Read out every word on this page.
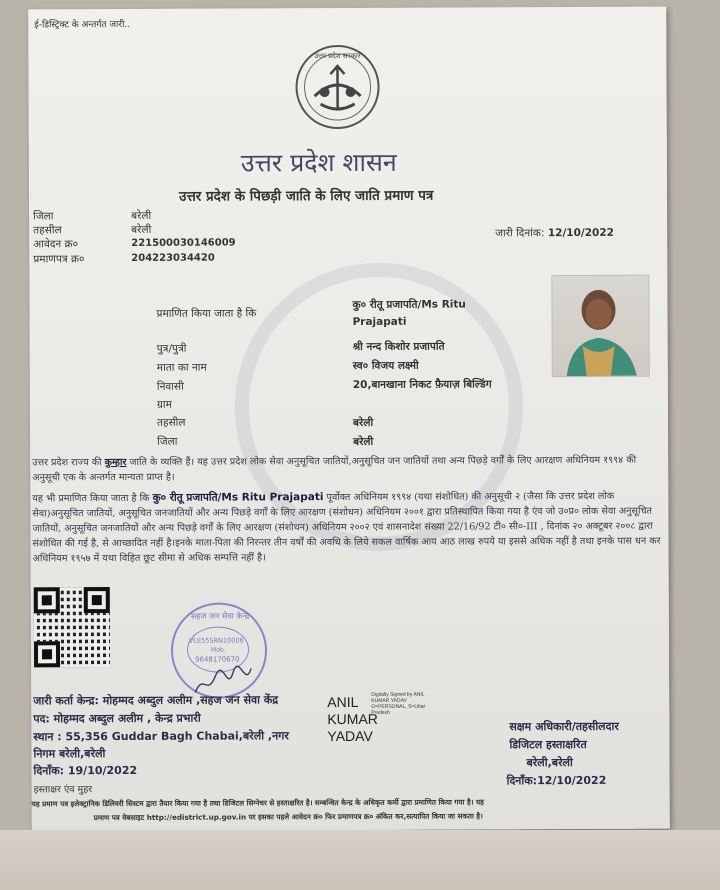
ई-डिस्ट्रिक्ट के अन्तर्गत जारी..
उत्तर प्रदेश सरकार
उत्तर प्रदेश शासन
उत्तर प्रदेश के पिछड़ी जाति के लिए जाति प्रमाण पत्र
जिला	बरेली
तहसील	बरेली
आवेदन क्र०	221500030146009
प्रमाणपत्र क्र०	204223034420
जारी दिनांक: 12/10/2022
प्रमाणित किया जाता है कि
कु० रीतू प्रजापति/Ms Ritu
Prajapati
पुत्र/पुत्री	श्री नन्द किशोर प्रजापति
माता का नाम	स्व० विजय लक्ष्मी
निवासी	20,बानखाना निकट फ़ैयाज़ बिल्डिंग
ग्राम
तहसील	बरेली
जिला	बरेली
उत्तर प्रदेश राज्य की कुम्हार जाति के व्यक्ति हैं। यह उत्तर प्रदेश लोक सेवा अनुसूचित जातियों,अनुसूचित जन जातियों तथा अन्य पिछड़े वर्गों के लिए आरक्षण अधिनियम १९९४ की अनुसूची एक के अन्तर्गत मान्यता प्राप्त है।
यह भी प्रमाणित किया जाता है कि कु० रीतू प्रजापति/Ms Ritu Prajapati पूर्वोक्त अधिनियम १९९४ (यथा संशोधित) की अनुसूची २ (जैसा कि उत्तर प्रदेश लोक सेवा)अनुसूचित जातियों, अनुसूचित जनजातियों और अन्य पिछड़े वर्गों के लिए आरक्षण (संशोधन) अधिनियम २००१ द्वारा प्रतिस्थापित किया गया है एंव जो उ०प्र० लोक सेवा अनुसूचित जातियों, अनुसूचित जनजातियों और अन्य पिछड़े वर्गों के लिए आरक्षण (संशोधन) अधिनियम २००२ एवं शासनादेश संख्या 22/16/92 टी० सी०-III , दिनांक २० अक्टूबर २००८ द्वारा संशोधित की गई है, से आच्छादित नहीं है।इनके माता-पिता की निरन्तर तीन वर्षों की अवधि के लिये सकल वार्षिक आय आठ लाख रुपये या इससे अधिक नहीं है तथा इनके पास धन कर अधिनियम १९५७ में यथा विहित छूट सीमा से अधिक सम्पत्ति नहीं है।
सहज जन सेवा केन्द्र
VLE55SRN10006
Mob.
9648170670
जारी कर्ता केन्द्र: मोहम्मद अब्दुल अलीम ,सहज जन सेवा केंद्र
पद: मोहम्मद अब्दुल अलीम , केन्द्र प्रभारी
स्थान : 55,356 Guddar Bagh Chabai,बरेली ,नगर
निगम बरेली,बरेली
दिनाँक: 19/10/2022
हस्ताक्षर एंव मुहर
ANIL
KUMAR
YADAV
Digitally Signed by ANIL
KUMAR YADAV
O=PERSONAL, S=Uttar
Pradesh
सक्षम अधिकारी/तहसीलदार
डिजिटल हस्ताक्षरित
बरेली,बरेली
दिनाँक:12/10/2022
यह प्रमाण पत्र इलेक्ट्रानिक डिलिवरी सिस्टम द्वारा तैयार किया गया है तथा डिजिटल सिग्नेचर से हस्ताक्षरित है। सम्बन्धित केन्द्र के अधिकृत कर्मी द्वारा प्रमाणित किया गया है। यह
प्रमाण पत्र वेबसाइट http://edistrict.up.gov.in पर इसका पहले आवेदन क्र० फिर प्रमाणपत्र क्र० अंकित कर,सत्यापित किया जा सकता है।
